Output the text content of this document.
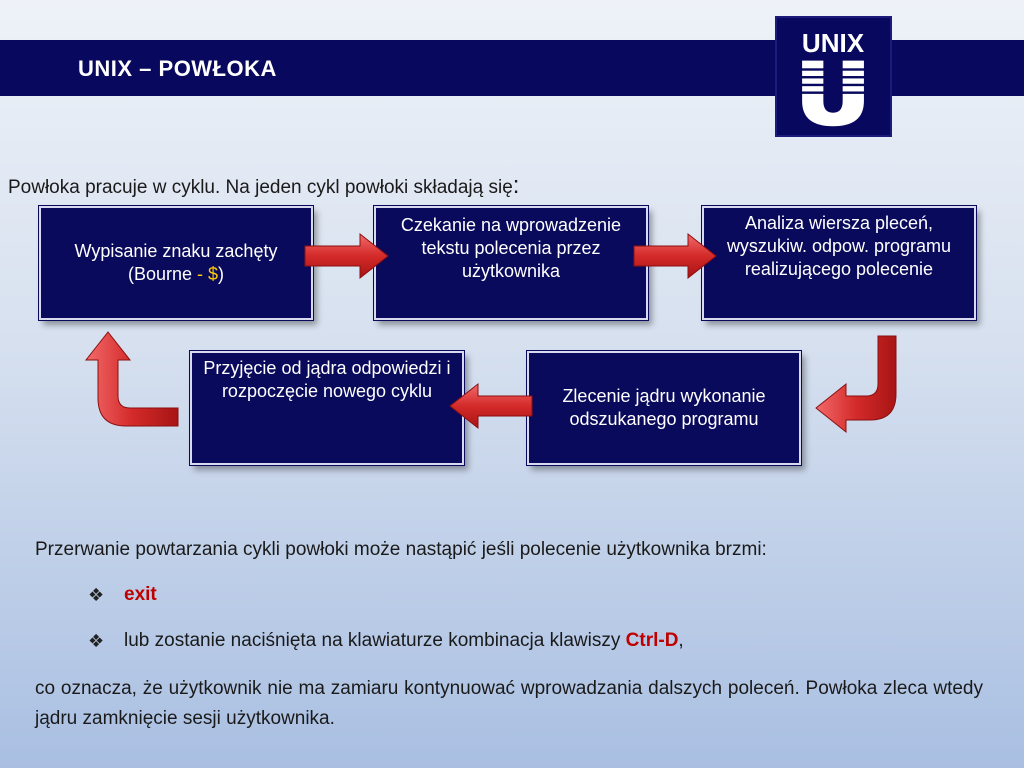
UNIX – POWŁOKA
UNIX
Powłoka pracuje w cyklu. Na jeden cykl powłoki składają się:
Wypisanie znaku zachęty (Bourne - $)
Czekanie na wprowadzenie tekstu polecenia przez użytkownika
Analiza wiersza pleceń, wyszukiw. odpow. programu realizującego polecenie
Zlecenie jądru wykonanie odszukanego programu
Przyjęcie od jądra odpowiedzi i rozpoczęcie nowego cyklu
Przerwanie powtarzania cykli powłoki może nastąpić jeśli polecenie użytkownika brzmi:
❖	exit
❖	lub zostanie naciśnięta na klawiaturze kombinacja klawiszy Ctrl-D,
co oznacza, że użytkownik nie ma zamiaru kontynuować wprowadzania dalszych poleceń. Powłoka zleca wtedy jądru zamknięcie sesji użytkownika.
